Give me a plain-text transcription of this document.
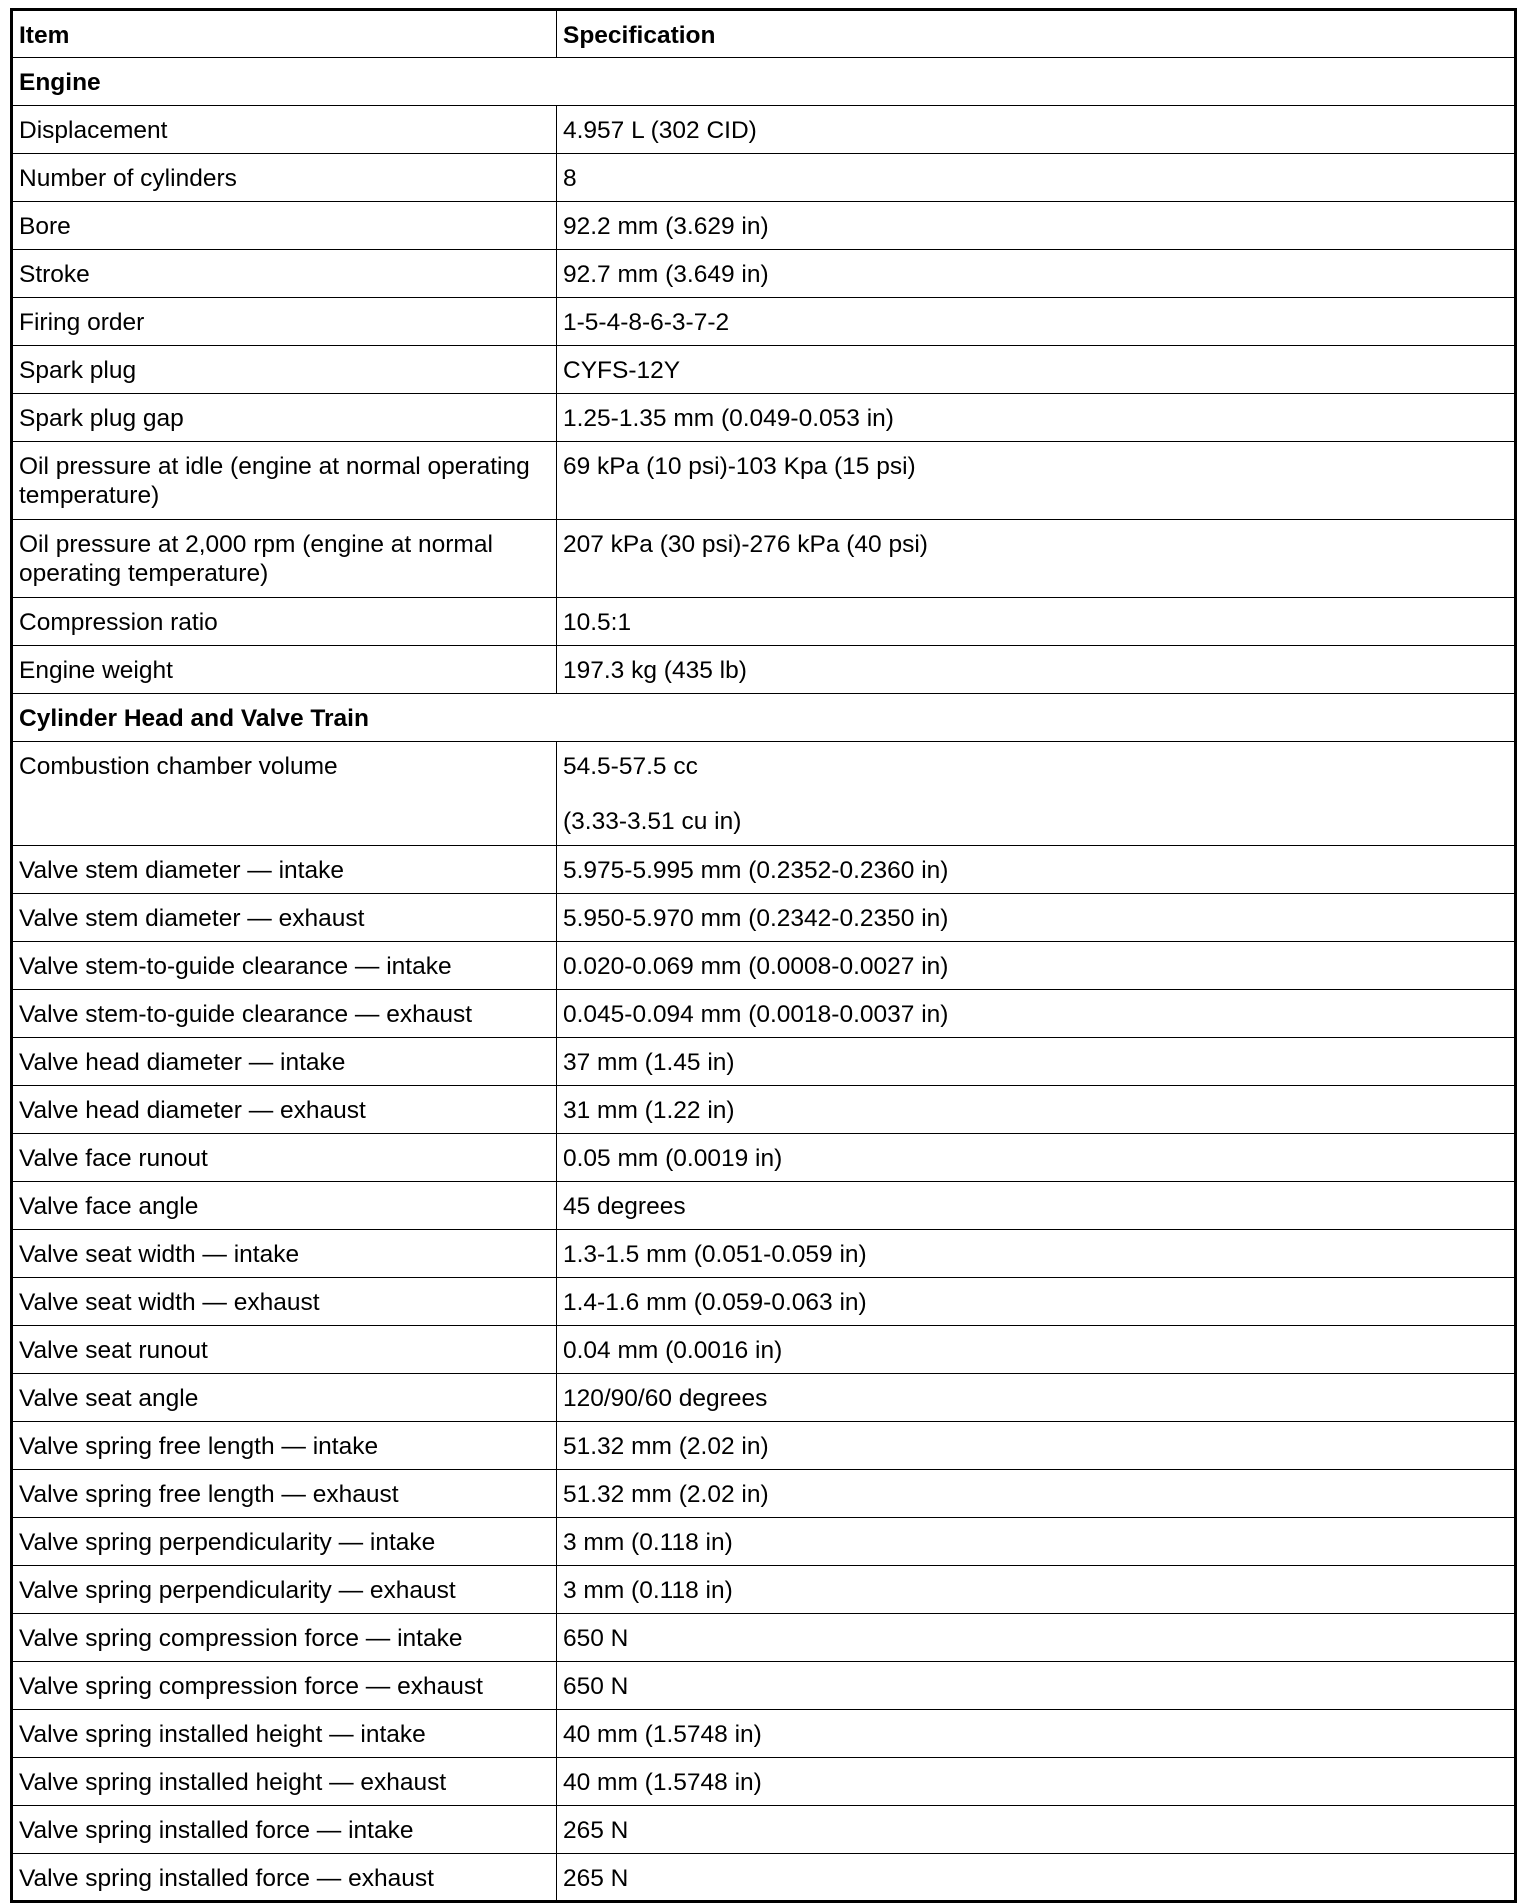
Item	Specification
Engine	
Displacement	4.957 L (302 CID)
Number of cylinders	8
Bore	92.2 mm (3.629 in)
Stroke	92.7 mm (3.649 in)
Firing order	1-5-4-8-6-3-7-2
Spark plug	CYFS-12Y
Spark plug gap	1.25-1.35 mm (0.049-0.053 in)
Oil pressure at idle (engine at normal operating temperature)	69 kPa (10 psi)-103 Kpa (15 psi)
Oil pressure at 2,000 rpm (engine at normal operating temperature)	207 kPa (30 psi)-276 kPa (40 psi)
Compression ratio	10.5:1
Engine weight	197.3 kg (435 lb)
Cylinder Head and Valve Train	
Combustion chamber volume	54.5-57.5 cc
(3.33-3.51 cu in)

Valve stem diameter — intake	5.975-5.995 mm (0.2352-0.2360 in)
Valve stem diameter — exhaust	5.950-5.970 mm (0.2342-0.2350 in)
Valve stem-to-guide clearance — intake	0.020-0.069 mm (0.0008-0.0027 in)
Valve stem-to-guide clearance — exhaust	0.045-0.094 mm (0.0018-0.0037 in)
Valve head diameter — intake	37 mm (1.45 in)
Valve head diameter — exhaust	31 mm (1.22 in)
Valve face runout	0.05 mm (0.0019 in)
Valve face angle	45 degrees
Valve seat width — intake	1.3-1.5 mm (0.051-0.059 in)
Valve seat width — exhaust	1.4-1.6 mm (0.059-0.063 in)
Valve seat runout	0.04 mm (0.0016 in)
Valve seat angle	120/90/60 degrees
Valve spring free length — intake	51.32 mm (2.02 in)
Valve spring free length — exhaust	51.32 mm (2.02 in)
Valve spring perpendicularity — intake	3 mm (0.118 in)
Valve spring perpendicularity — exhaust	3 mm (0.118 in)
Valve spring compression force — intake	650 N
Valve spring compression force — exhaust	650 N
Valve spring installed height — intake	40 mm (1.5748 in)
Valve spring installed height — exhaust	40 mm (1.5748 in)
Valve spring installed force — intake	265 N
Valve spring installed force — exhaust	265 N
